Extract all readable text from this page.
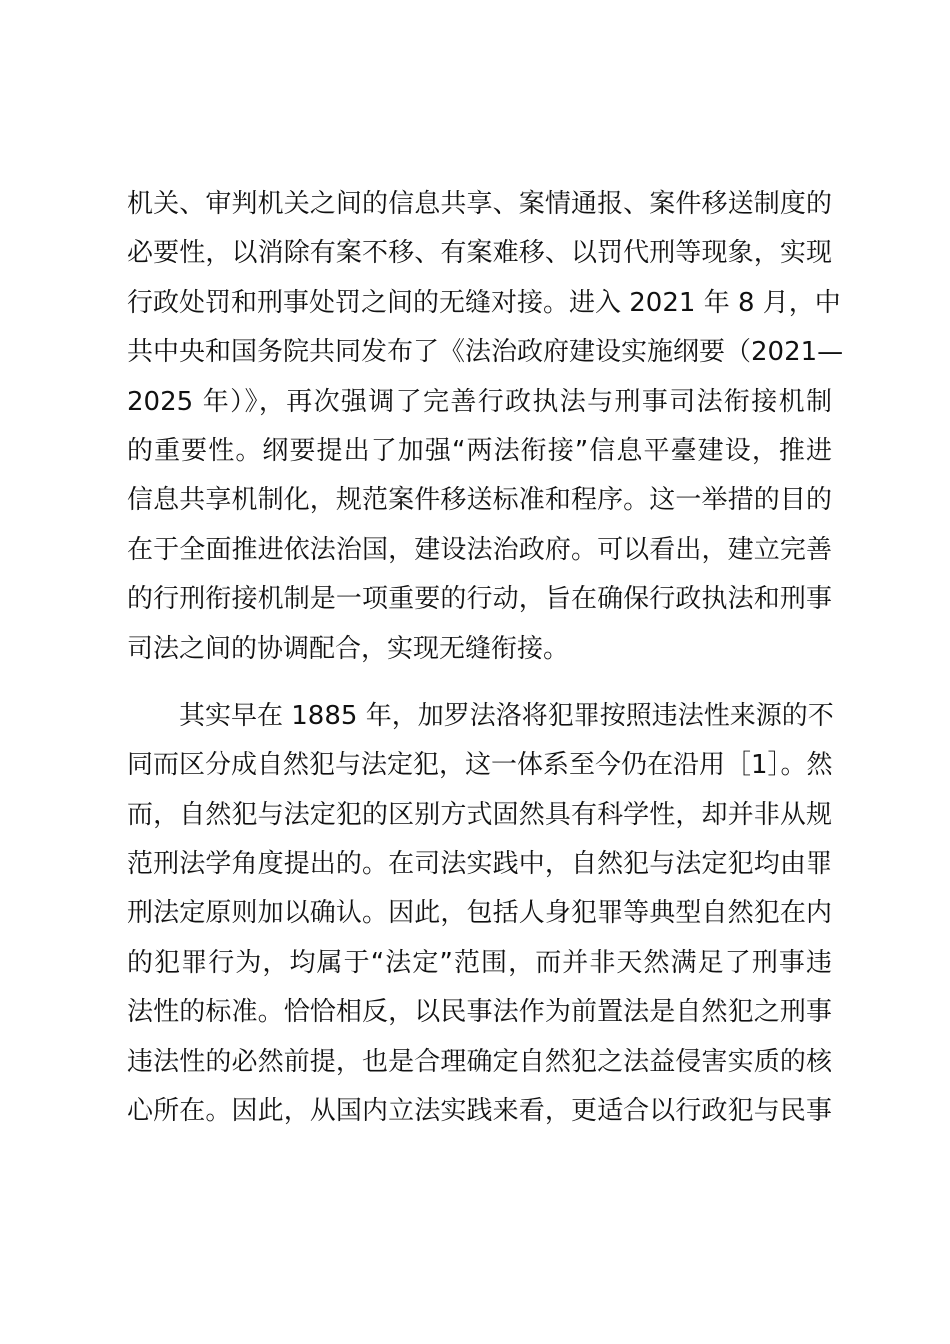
机关、审判机关之间的信息共享、案情通报、案件移送制度的
必要性，以消除有案不移、有案难移、以罚代刑等现象，实现
行政处罚和刑事处罚之间的无缝对接。进入 2021 年 8 月，中
共中央和国务院共同发布了《法治政府建设实施纲要（2021—
2025 年）》，再次强调了完善行政执法与刑事司法衔接机制
的重要性。纲要提出了加强“两法衔接”信息平臺建设，推进
信息共享机制化，规范案件移送标准和程序。这一举措的目的
在于全面推进依法治国，建设法治政府。可以看出，建立完善
的行刑衔接机制是一项重要的行动，旨在确保行政执法和刑事
司法之间的协调配合，实现无缝衔接。
　　其实早在 1885 年，加罗法洛将犯罪按照违法性来源的不
同而区分成自然犯与法定犯，这一体系至今仍在沿用［1］。然
而，自然犯与法定犯的区别方式固然具有科学性，却并非从规
范刑法学角度提出的。在司法实践中，自然犯与法定犯均由罪
刑法定原则加以确认。因此，包括人身犯罪等典型自然犯在内
的犯罪行为，均属于“法定”范围，而并非天然满足了刑事违
法性的标准。恰恰相反，以民事法作为前置法是自然犯之刑事
违法性的必然前提，也是合理确定自然犯之法益侵害实质的核
心所在。因此，从国内立法实践来看，更适合以行政犯与民事
